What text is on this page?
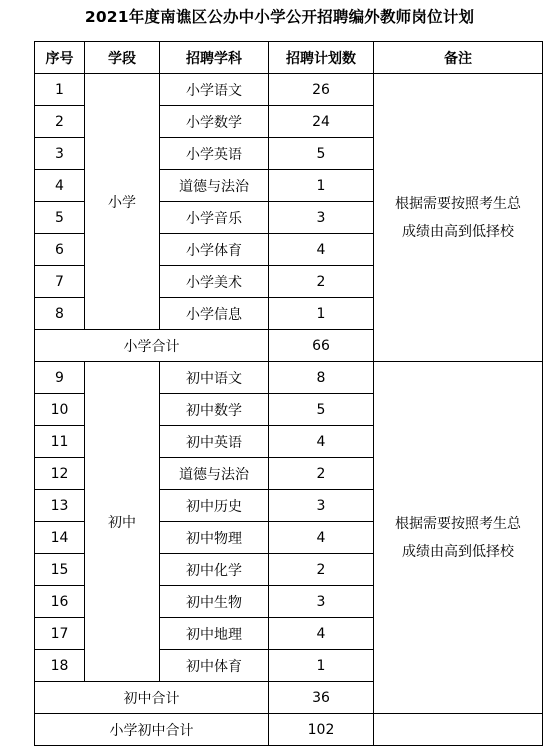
2021年度南谯区公办中小学公开招聘编外教师岗位计划
序号	学段	招聘学科	招聘计划数	备注
1	小学	小学语文	26	根据需要按照考生总
成绩由高到低择校

2		小学数学	24	
3		小学英语	5	
4		道德与法治	1	
5		小学音乐	3	
6		小学体育	4	
7		小学美术	2	
8		小学信息	1	
小学合计			66	
9	初中	初中语文	8	根据需要按照考生总
成绩由高到低择校

10		初中数学	5	
11		初中英语	4	
12		道德与法治	2	
13		初中历史	3	
14		初中物理	4	
15		初中化学	2	
16		初中生物	3	
17		初中地理	4	
18		初中体育	1	
初中合计			36	
小学初中合计			102	
